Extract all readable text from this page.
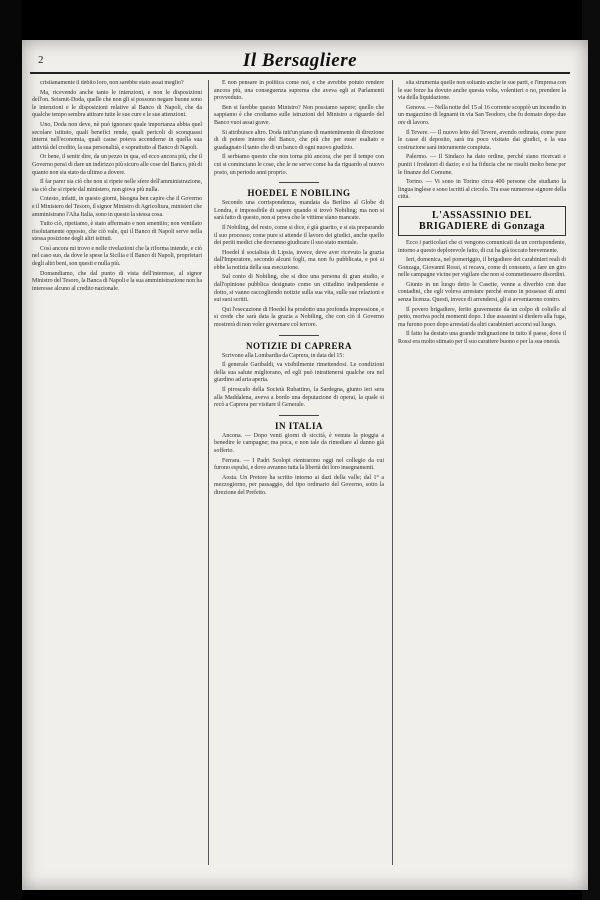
2	Il Bersagliere

cristianamente il debito loro, non sarebbe stato assai meglio?

Ma, ricevendo anche tanto le intenzioni, e non le disposizioni dell'on. Seismit-Doda, quelle che non gli si possono negare buone sono le intenzioni e le disposizioni relative al Banco di Napoli, che da qualche tempo sembra attirare tutte le sue cure e le sue attenzioni.

Uno, Doda non deve, nè può ignorare quale importanza abbia quel secolare istituto, quali benefici rende, quali pericoli di sconquassi interni nell'economia, quali cause poteva accenderne in quella sua attività del credito, la sua personalità, e soprattutto al Banco di Napoli.

Or bene, il sentir dire, da un pezzo in qua, ed ecco ancora più, che il Governo pensi di dare un indirizzo più sicuro alle cose del Banco, più di quanto non sia stato da ultimo a dovere.

Il far parer sia ciò che non si ripete nelle sfere dell'amministrazione, sia ciò che si ripete dal ministero, non giova più nulla.

Cotesto, infatti, in questo giorni, bisogna ben capire che il Governo e il Ministero del Tesoro, il signor Ministro di Agricoltura, ministeri che amministrano l'Alta Italia, sono in questo la stessa cosa.

Tutto ciò, ripetiamo, è stato affermato e non smentito; non ventilato risolutamente opposto, che ciò vale, qui il Banco di Napoli serve nella stessa posizione degli altri istituti.

Così ancora mi trovo e nelle rivelazioni che la riforma intende, e ciò nel caso suo, da dove le spese la Sicilia e il Banco di Napoli, proprietari degli altri beni, son questi e nulla più.

Domandiamo, che dal punto di vista dell'interesse, al signor Ministro del Tesoro, la Banca di Napoli e la sua amministrazione non ha interesse alcuno al credito nazionale.

E non pensare in politica come noi, e che avrebbe potuto rendere ancora più, una conseguenza suprema che aveva egli ai Parlamenti provveduto.

Ben si farebbe questo Ministro? Non possiamo sapere; quello che sappiamo è che crediamo sulle istruzioni del Ministro a riguardo del Banco vuoi assai grave.

Si attribuisce altro. Doda tutt'un piano di mantenimento di direzione di di potere interno del Banco, che più che per esser esaltato e guadagnato il tanto che di un banco di ogni nuovo giudizio.

Il serbiamo questo che non torna più ancora, che per il tempo con cui si cominciano le cose, che le ne serve come ha da riguardo al nuovo posto, un periodo anni proprio.

HOEDEL E NOBILING

Secondo una corrispondenza, mandata da Berlino al Globe di Londra, è impossibile di sapere quando si trovò Nobiling; ma non si sarà fatto di questo, non si prova che le vittime siano mancate.

Il Nobiling, del resto, come si dice, è già guarito, e si sta preparando il suo processo; come pure si attende il lavoro dei giudici, anche quello dei periti medici che dovranno giudicare il suo stato mentale.

Hoedel il socialista di Lipsia, invece, deve aver ricevuto la grazia dall'Imperatore, secondo alcuni fogli, ma non fu pubblicata, e poi si ebbe la notizia della sua esecuzione.

Sul conto di Nobiling, che si dice una persona di gran studio, e dall'opinione pubblica designato come un cittadino indipendente e dotto, si vanno raccogliendo notizie sulla sua vita, sulle sue relazioni e sui suoi scritti.

Qui l'esecuzione di Hoedel ha prodotto una profonda impressione, e si crede che sarà data la grazia a Nobiling, che con ciò il Governo mostrerà di non voler governare col terrore.

NOTIZIE DI CAPRERA

Scrivono alla Lombardia da Caprera, in data del 15:

Il generale Garibaldi, va visibilmente rimettendosi. Le condizioni della sua salute migliorano, ed egli può intrattenersi qualche ora nel giardino ad aria aperta.

Il piroscafo della Società Rubattino, la Sardegna, giunto ieri sera alla Maddalena, aveva a bordo una deputazione di operai, la quale si recò a Caprera per visitare il Generale.

IN ITALIA

Ancona. — Dopo venti giorni di siccità, è venuta la pioggia a benedire le campagne; ma poca, e non tale da rimediare al danno già sofferto.

Ferrara. — I Padri Scolopi rientrarono oggi nel collegio da cui furono espulsi, e dove avranno tutta la libertà dei loro insegnamenti.

Aosta. Un Pretore ha scritto intorno ai dazi della valle; dal 1° a mezzogiorno, per passaggio, del tipo ordinario del Governo, sotto la direzione del Prefetto.

sita strumenta quelle non soltanto anche le sue parti, e l'impresa con le sue forze ha dovuto anche questa volta, volentieri o no, prendere la via della liquidazione.

Genova. — Nella notte del 15 al 16 corrente scoppiò un incendio in un magazzino di legnami in via San Teodoro, che fu domato dopo due ore di lavoro.

Il Tevere. — Il nuovo letto del Tevere, avendo ordinata, come pure le casse di deposito, sarà tra poco visitato dai giudici, e la sua costruzione sarà interamente compiuta.

Palermo. — Il Sindaco ha dato ordine, perché siano ricercati e puniti i frodatori di dazio; e si ha fiducia che ne risulti molto bene per le finanze del Comune.

Torino. — Vi sono in Torino circa 400 persone che studiano la lingua inglese e sono iscritti al circolo. Tra esse numerose signore della città.

L'ASSASSINIO DEL BRIGADIERE di Gonzaga

Ecco i particolari che ci vengono comunicati da un corrispondente, intorno a questo deplorevole fatto, di cui ha già toccato brevemente.

Ieri, domenica, nel pomeriggio, il brigadiere dei carabinieri reali di Gonzaga, Giovanni Rossi, si recava, come di consueto, a fare un giro nelle campagne vicine per vigilare che non si commettessero disordini.

Giunto in un luogo detto le Casette, venne a diverbio con due contadini, che egli voleva arrestare perché erano in possesso di armi senza licenza. Questi, invece di arrendersi, gli si avventarono contro.

Il povero brigadiere, ferito gravemente da un colpo di coltello al petto, moriva pochi momenti dopo. I due assassini si diedero alla fuga, ma furono poco dopo arrestati da altri carabinieri accorsi sul luogo.

Il fatto ha destato una grande indignazione in tutto il paese, dove il Rossi era molto stimato per il suo carattere buono e per la sua onestà.
